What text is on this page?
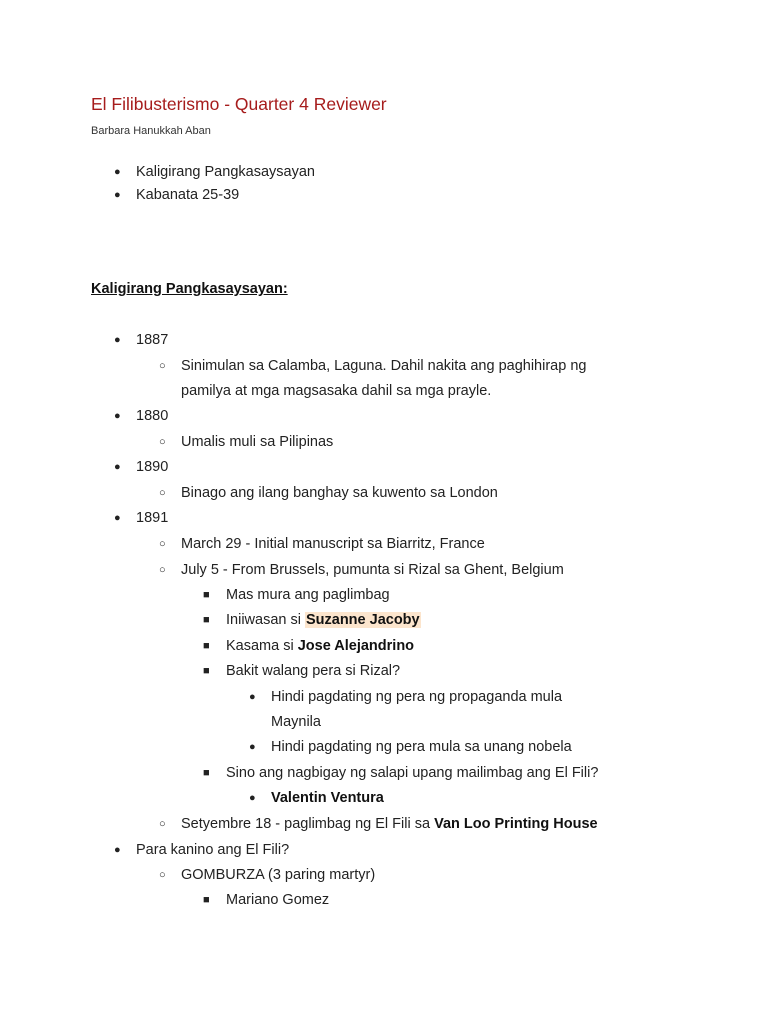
El Filibusterismo - Quarter 4 Reviewer
Barbara Hanukkah Aban
● Kaligirang Pangkasaysayan
● Kabanata 25-39
Kaligirang Pangkasaysayan:
● 1887
○ Sinimulan sa Calamba, Laguna. Dahil nakita ang paghihirap ng
pamilya at mga magsasaka dahil sa mga prayle.
● 1880
○ Umalis muli sa Pilipinas
● 1890
○ Binago ang ilang banghay sa kuwento sa London
● 1891
○ March 29 - Initial manuscript sa Biarritz, France
○ July 5 - From Brussels, pumunta si Rizal sa Ghent, Belgium
■ Mas mura ang paglimbag
■ Iniiwasan si Suzanne Jacoby
■ Kasama si Jose Alejandrino
■ Bakit walang pera si Rizal?
● Hindi pagdating ng pera ng propaganda mula
Maynila
● Hindi pagdating ng pera mula sa unang nobela
■ Sino ang nagbigay ng salapi upang mailimbag ang El Fili?
● Valentin Ventura
○ Setyembre 18 - paglimbag ng El Fili sa Van Loo Printing House
● Para kanino ang El Fili?
○ GOMBURZA (3 paring martyr)
■ Mariano Gomez
